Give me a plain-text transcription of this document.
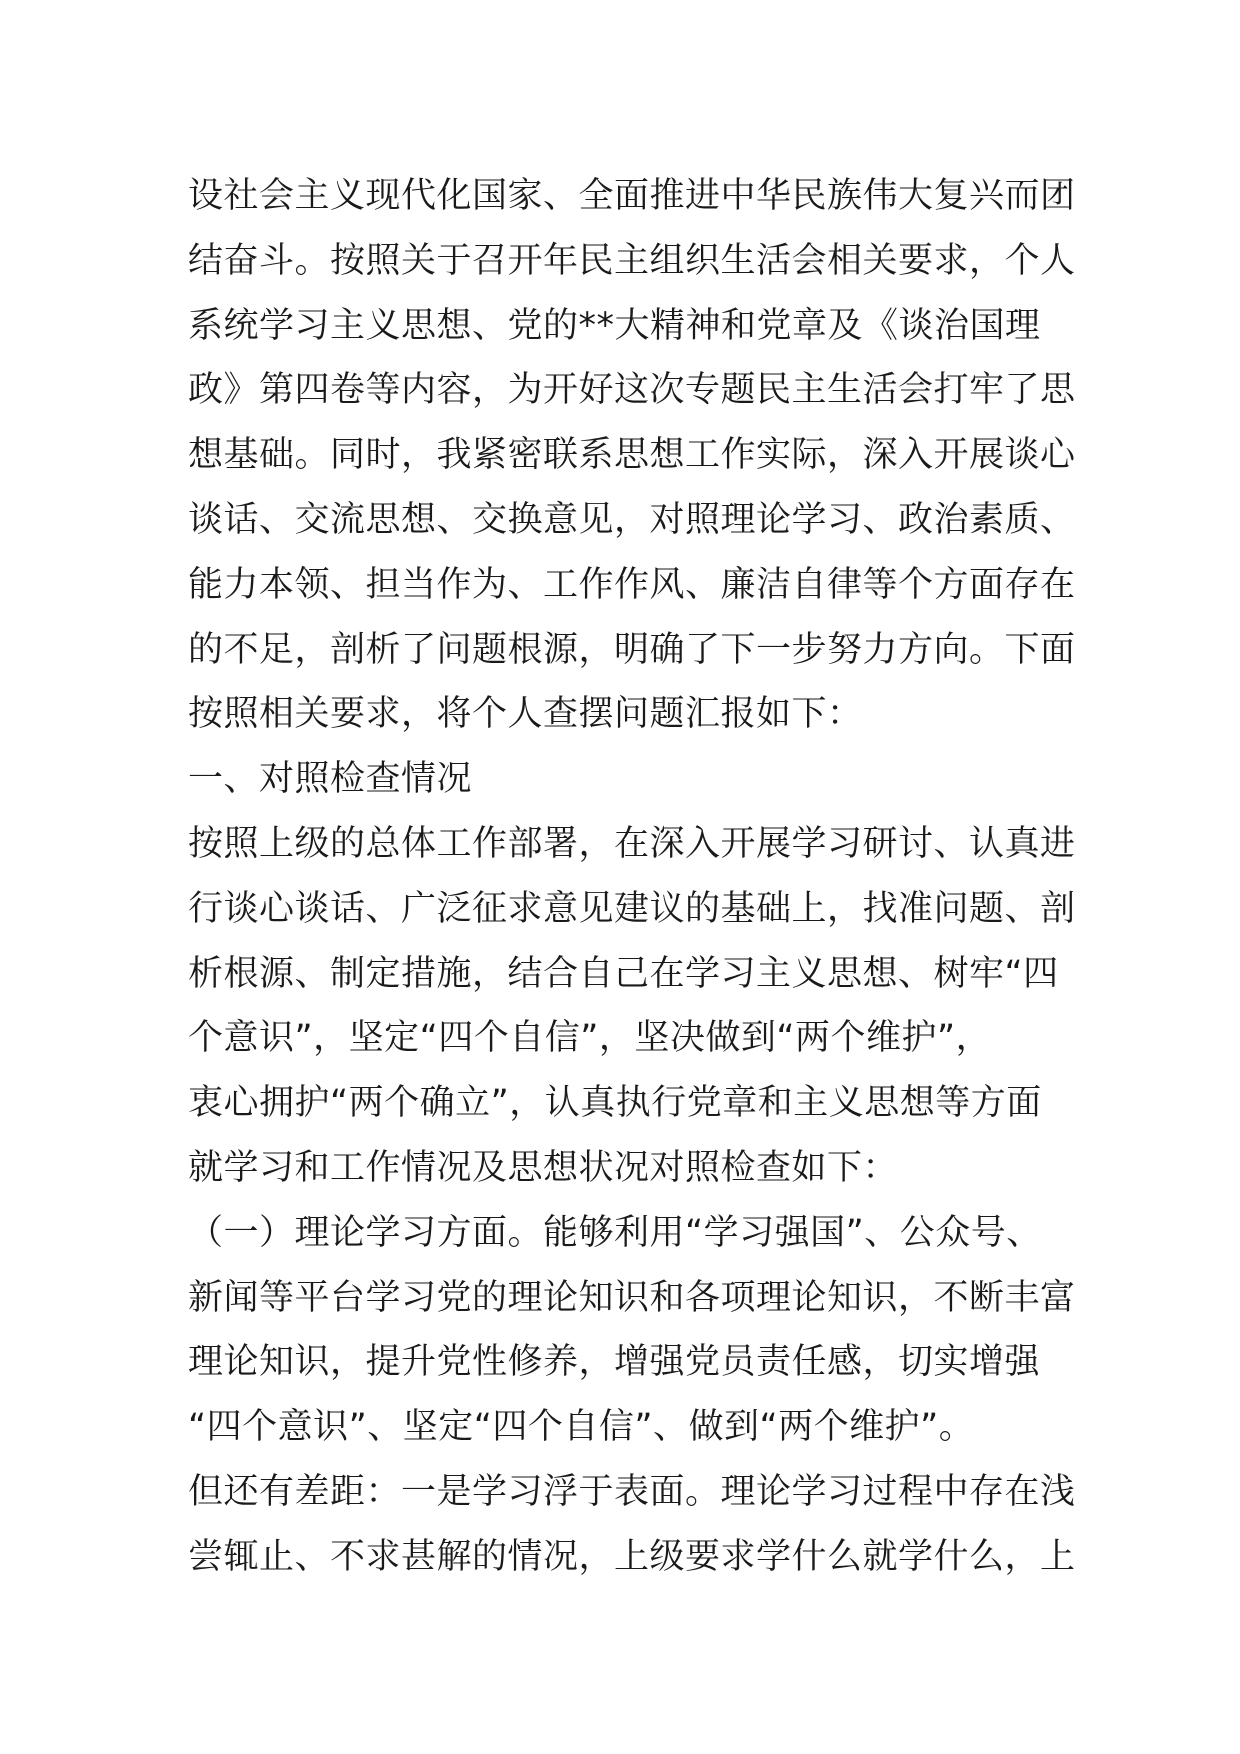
设社会主义现代化国家、全面推进中华民族伟大复兴而团
结奋斗。按照关于召开年民主组织生活会相关要求，个人
系统学习主义思想、党的**大精神和党章及《谈治国理
政》第四卷等内容，为开好这次专题民主生活会打牢了思
想基础。同时，我紧密联系思想工作实际，深入开展谈心
谈话、交流思想、交换意见，对照理论学习、政治素质、
能力本领、担当作为、工作作风、廉洁自律等个方面存在
的不足，剖析了问题根源，明确了下一步努力方向。下面
按照相关要求，将个人查摆问题汇报如下：
一、对照检查情况
按照上级的总体工作部署，在深入开展学习研讨、认真进
行谈心谈话、广泛征求意见建议的基础上，找准问题、剖
析根源、制定措施，结合自己在学习主义思想、树牢“四
个意识”，坚定“四个自信”，坚决做到“两个维护”，
衷心拥护“两个确立”，认真执行党章和主义思想等方面
就学习和工作情况及思想状况对照检查如下：
（一）理论学习方面。能够利用“学习强国”、公众号、
新闻等平台学习党的理论知识和各项理论知识，不断丰富
理论知识，提升党性修养，增强党员责任感，切实增强
“四个意识”、坚定“四个自信”、做到“两个维护”。
但还有差距：一是学习浮于表面。理论学习过程中存在浅
尝辄止、不求甚解的情况，上级要求学什么就学什么，上
